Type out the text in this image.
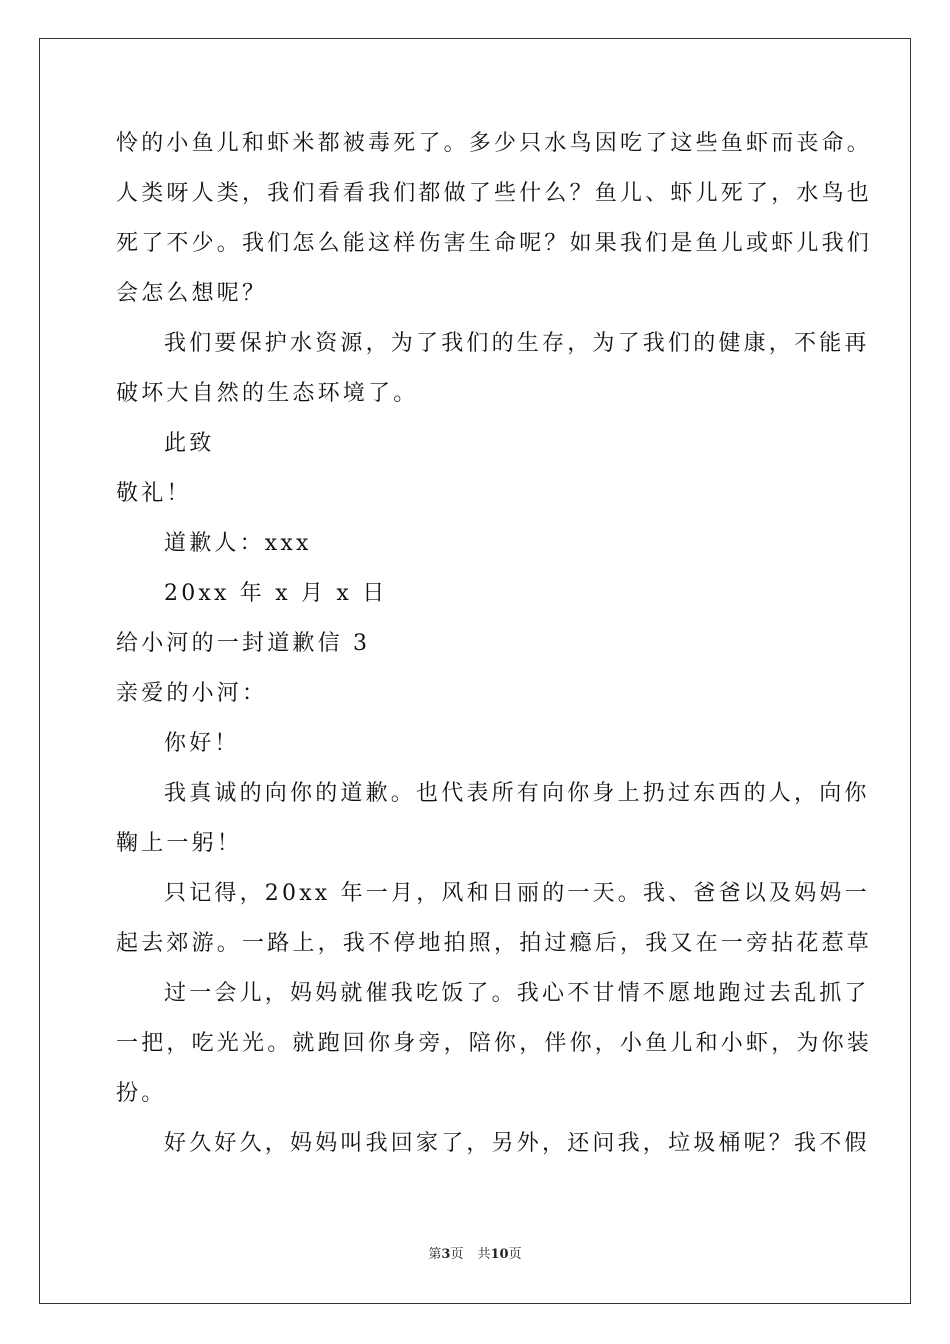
怜的小鱼儿和虾米都被毒死了。多少只水鸟因吃了这些鱼虾而丧命。
人类呀人类，我们看看我们都做了些什么？鱼儿、虾儿死了，水鸟也
死了不少。我们怎么能这样伤害生命呢？如果我们是鱼儿或虾儿我们
会怎么想呢？
我们要保护水资源，为了我们的生存，为了我们的健康，不能再
破坏大自然的生态环境了。
此致
敬礼！
道歉人：xxx
20xx 年 x 月 x 日
给小河的一封道歉信 3
亲爱的小河：
你好！
我真诚的向你的道歉。也代表所有向你身上扔过东西的人，向你
鞠上一躬！
只记得，20xx 年一月，风和日丽的一天。我、爸爸以及妈妈一
起去郊游。一路上，我不停地拍照，拍过瘾后，我又在一旁拈花惹草
过一会儿，妈妈就催我吃饭了。我心不甘情不愿地跑过去乱抓了
一把，吃光光。就跑回你身旁，陪你，伴你，小鱼儿和小虾，为你装
扮。
好久好久，妈妈叫我回家了，另外，还问我，垃圾桶呢？我不假
第3页 共10页
